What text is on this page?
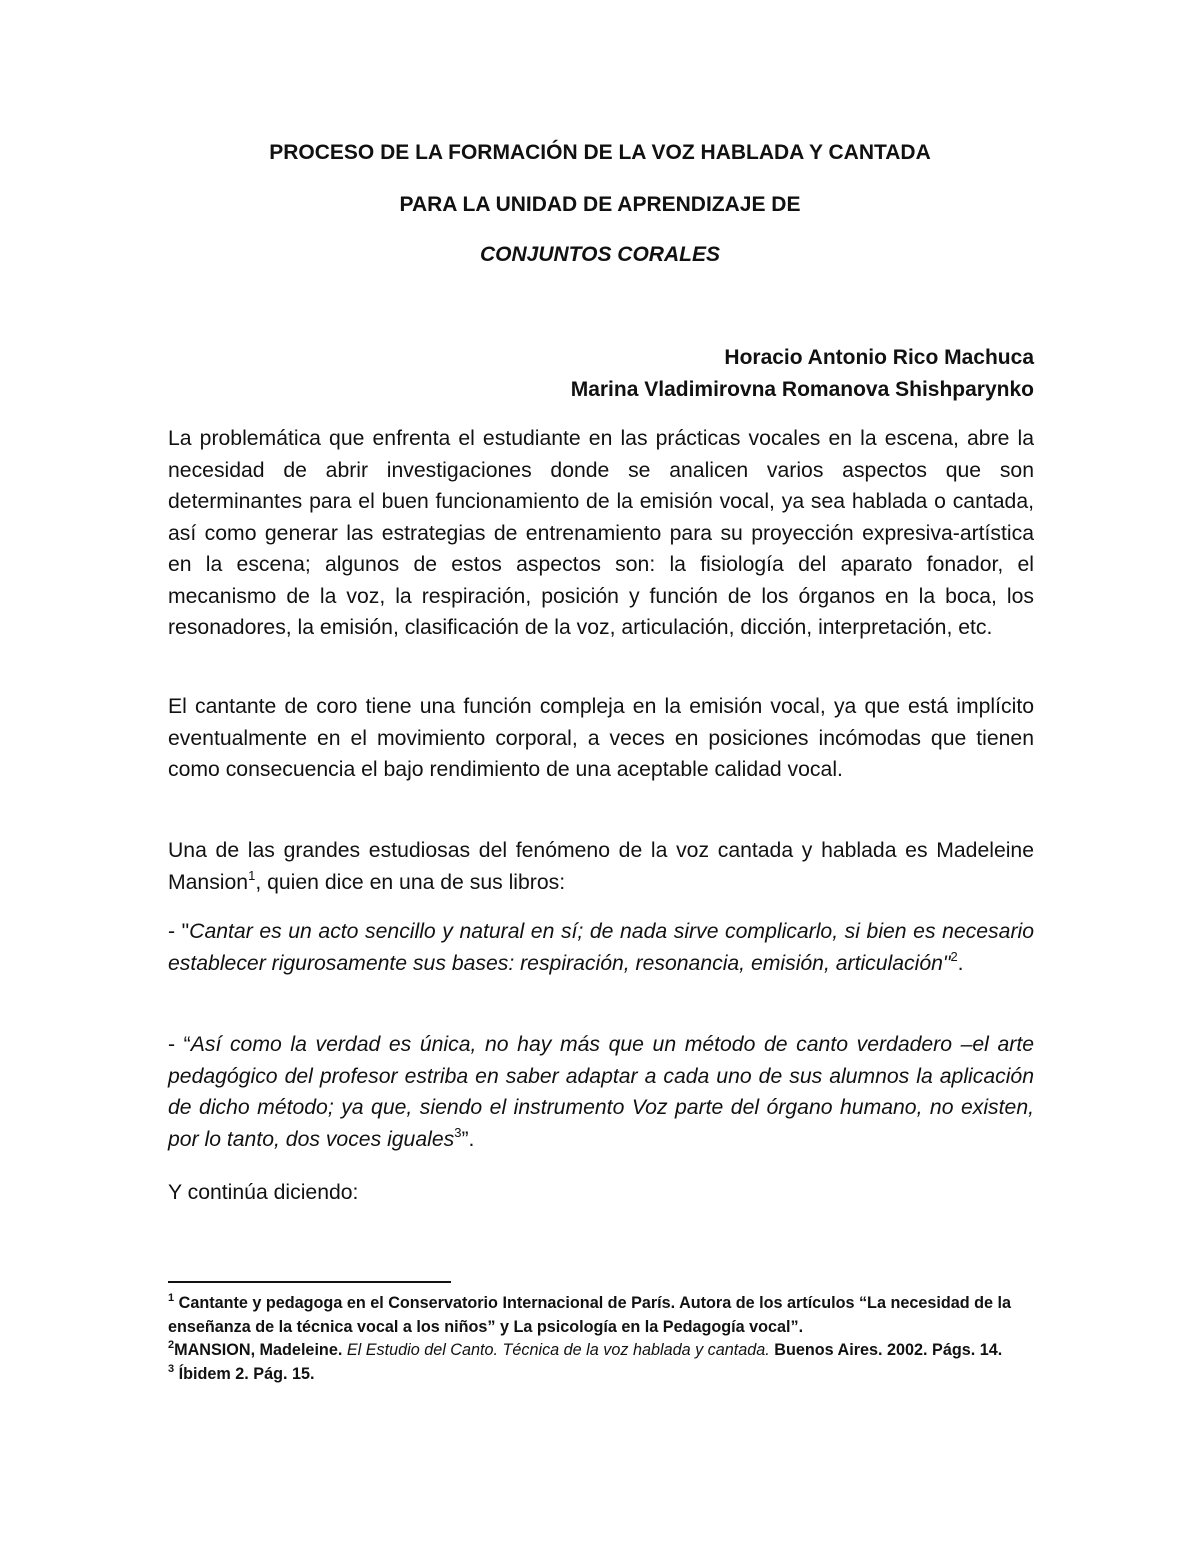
PROCESO DE LA FORMACIÓN DE LA VOZ HABLADA Y CANTADA

PARA LA UNIDAD DE APRENDIZAJE DE

CONJUNTOS CORALES

Horacio Antonio Rico Machuca
Marina Vladimirovna Romanova Shishparynko

La problemática que enfrenta el estudiante en las prácticas vocales en la escena, abre la necesidad de abrir investigaciones donde se analicen varios aspectos que son determinantes para el buen funcionamiento de la emisión vocal, ya sea hablada o cantada, así como generar las estrategias de entrenamiento para su proyección expresiva-artística en la escena; algunos de estos aspectos son: la fisiología del aparato fonador, el mecanismo de la voz, la respiración, posición y función de los órganos en la boca, los resonadores, la emisión, clasificación de la voz, articulación, dicción, interpretación, etc.

El cantante de coro tiene una función compleja en la emisión vocal, ya que está implícito eventualmente en el movimiento corporal, a veces en posiciones incómodas que tienen como consecuencia el bajo rendimiento de una aceptable calidad vocal.

Una de las grandes estudiosas del fenómeno de la voz cantada y hablada es Madeleine Mansion$^1$, quien dice en una de sus libros:

- "Cantar es un acto sencillo y natural en sí; de nada sirve complicarlo, si bien es necesario establecer rigurosamente sus bases: respiración, resonancia, emisión, articulación"$^2$.

- “Así como la verdad es única, no hay más que un método de canto verdadero –el arte pedagógico del profesor estriba en saber adaptar a cada uno de sus alumnos la aplicación de dicho método; ya que, siendo el instrumento Voz parte del órgano humano, no existen, por lo tanto, dos voces iguales$^3$”.

Y continúa diciendo:

$^1$ Cantante y pedagoga en el Conservatorio Internacional de París. Autora de los artículos “La necesidad de la enseñanza de la técnica vocal a los niños” y La psicología en la Pedagogía vocal”.

$^2$MANSION, Madeleine. El Estudio del Canto. Técnica de la voz hablada y cantada. Buenos Aires. 2002. Págs. 14.

$^3$ Íbidem 2. Pág. 15.
